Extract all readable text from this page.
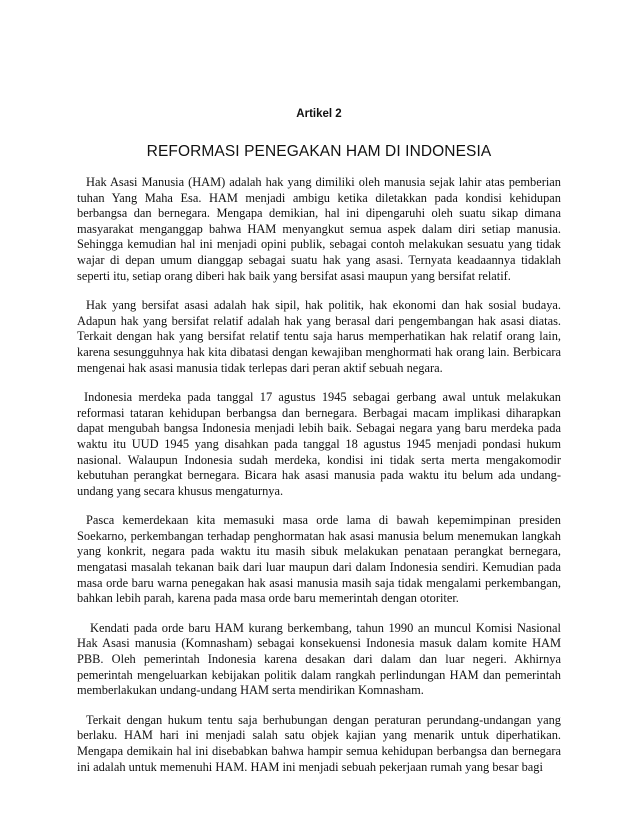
Artikel 2
REFORMASI PENEGAKAN HAM DI INDONESIA

Hak Asasi Manusia (HAM) adalah hak yang dimiliki oleh manusia sejak lahir atas pemberian tuhan Yang Maha Esa. HAM menjadi ambigu ketika diletakkan pada kondisi kehidupan berbangsa dan bernegara. Mengapa demikian, hal ini dipengaruhi oleh suatu sikap dimana masyarakat menganggap bahwa HAM menyangkut semua aspek dalam diri setiap manusia. Sehingga kemudian hal ini menjadi opini publik, sebagai contoh melakukan sesuatu yang tidak wajar di depan umum dianggap sebagai suatu hak yang asasi. Ternyata keadaannya tidaklah seperti itu, setiap orang diberi hak baik yang bersifat asasi maupun yang bersifat relatif.

Hak yang bersifat asasi adalah hak sipil, hak politik, hak ekonomi dan hak sosial budaya. Adapun hak yang bersifat relatif adalah hak yang berasal dari pengembangan hak asasi diatas. Terkait dengan hak yang bersifat relatif tentu saja harus memperhatikan hak relatif orang lain, karena sesungguhnya hak kita dibatasi dengan kewajiban menghormati hak orang lain. Berbicara mengenai hak asasi manusia tidak terlepas dari peran aktif sebuah negara.

Indonesia merdeka pada tanggal 17 agustus 1945 sebagai gerbang awal untuk melakukan reformasi tataran kehidupan berbangsa dan bernegara. Berbagai macam implikasi diharapkan dapat mengubah bangsa Indonesia menjadi lebih baik. Sebagai negara yang baru merdeka pada waktu itu UUD 1945 yang disahkan pada tanggal 18 agustus 1945 menjadi pondasi hukum nasional. Walaupun Indonesia sudah merdeka, kondisi ini tidak serta merta mengakomodir kebutuhan perangkat bernegara. Bicara hak asasi manusia pada waktu itu belum ada undang-undang yang secara khusus mengaturnya.

Pasca kemerdekaan kita memasuki masa orde lama di bawah kepemimpinan presiden Soekarno, perkembangan terhadap penghormatan hak asasi manusia belum menemukan langkah yang konkrit, negara pada waktu itu masih sibuk melakukan penataan perangkat bernegara, mengatasi masalah tekanan baik dari luar maupun dari dalam Indonesia sendiri. Kemudian pada masa orde baru warna penegakan hak asasi manusia masih saja tidak mengalami perkembangan, bahkan lebih parah, karena pada masa orde baru memerintah dengan otoriter.

Kendati pada orde baru HAM kurang berkembang, tahun 1990 an muncul Komisi Nasional Hak Asasi manusia (Komnasham) sebagai konsekuensi Indonesia masuk dalam komite HAM PBB. Oleh pemerintah Indonesia karena desakan dari dalam dan luar negeri. Akhirnya pemerintah mengeluarkan kebijakan politik dalam rangkah perlindungan HAM dan pemerintah memberlakukan undang-undang HAM serta mendirikan Komnasham.

Terkait dengan hukum tentu saja berhubungan dengan peraturan perundang-undangan yang berlaku. HAM hari ini menjadi salah satu objek kajian yang menarik untuk diperhatikan. Mengapa demikain hal ini disebabkan bahwa hampir semua kehidupan berbangsa dan bernegara ini adalah untuk memenuhi HAM. HAM ini menjadi sebuah pekerjaan rumah yang besar bagi
